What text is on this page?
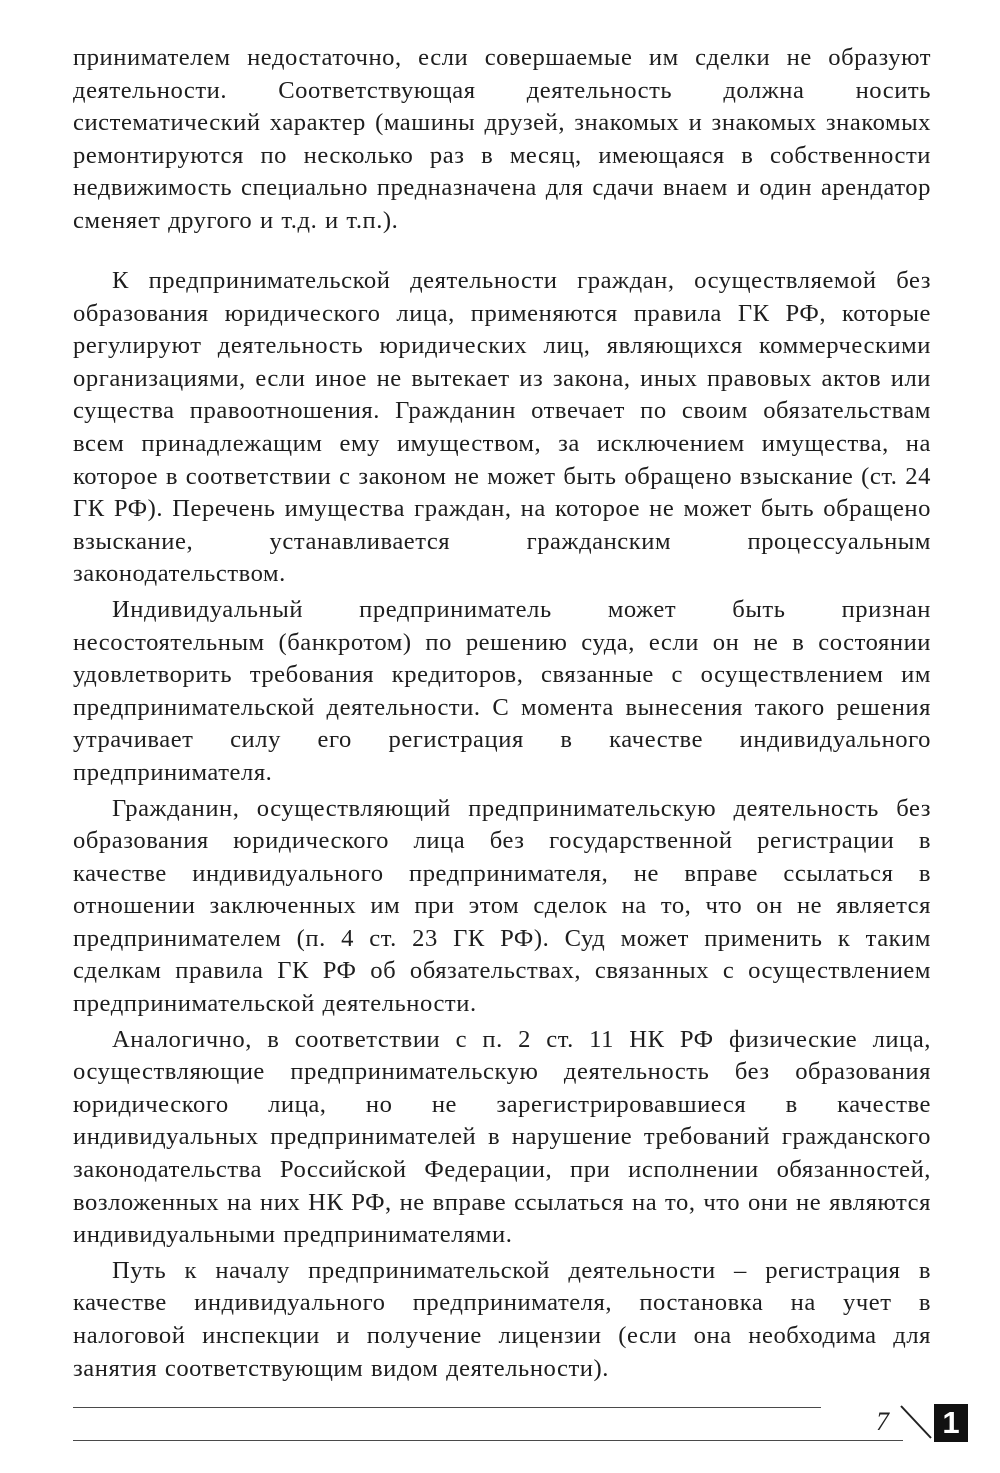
принимателем недостаточно, если совершаемые им сделки не образуют деятельности. Соответствующая деятельность должна носить систематический характер (машины друзей, знакомых и знакомых знакомых ремонтируются по несколько раз в месяц, имеющаяся в собственности недвижимость специально предназначена для сдачи внаем и один арендатор сменяет другого и т.д. и т.п.).

К предпринимательской деятельности граждан, осуществляемой без образования юридического лица, применяются правила ГК РФ, которые регулируют деятельность юридических лиц, являющихся коммерческими организациями, если иное не вытекает из закона, иных правовых актов или существа правоотношения. Гражданин отвечает по своим обязательствам всем принадлежащим ему имуществом, за исключением имущества, на которое в соответствии с законом не может быть обращено взыскание (ст. 24 ГК РФ). Перечень имущества граждан, на которое не может быть обращено взыскание, устанавливается гражданским процессуальным законодательством.

Индивидуальный предприниматель может быть признан несостоятельным (банкротом) по решению суда, если он не в состоянии удовлетворить требования кредиторов, связанные с осуществлением им предпринимательской деятельности. С момента вынесения такого решения утрачивает силу его регистрация в качестве индивидуального предпринимателя.

Гражданин, осуществляющий предпринимательскую деятельность без образования юридического лица без государственной регистрации в качестве индивидуального предпринимателя, не вправе ссылаться в отношении заключенных им при этом сделок на то, что он не является предпринимателем (п. 4 ст. 23 ГК РФ). Суд может применить к таким сделкам правила ГК РФ об обязательствах, связанных с осуществлением предпринимательской деятельности.

Аналогично, в соответствии с п. 2 ст. 11 НК РФ физические лица, осуществляющие предпринимательскую деятельность без образования юридического лица, но не зарегистрировавшиеся в качестве индивидуальных предпринимателей в нарушение требований гражданского законодательства Российской Федерации, при исполнении обязанностей, возложенных на них НК РФ, не вправе ссылаться на то, что они не являются индивидуальными предпринимателями.

Путь к началу предпринимательской деятельности – регистрация в качестве индивидуального предпринимателя, постановка на учет в налоговой инспекции и получение лицензии (если она необходима для занятия соответствующим видом деятельности).

7 1
